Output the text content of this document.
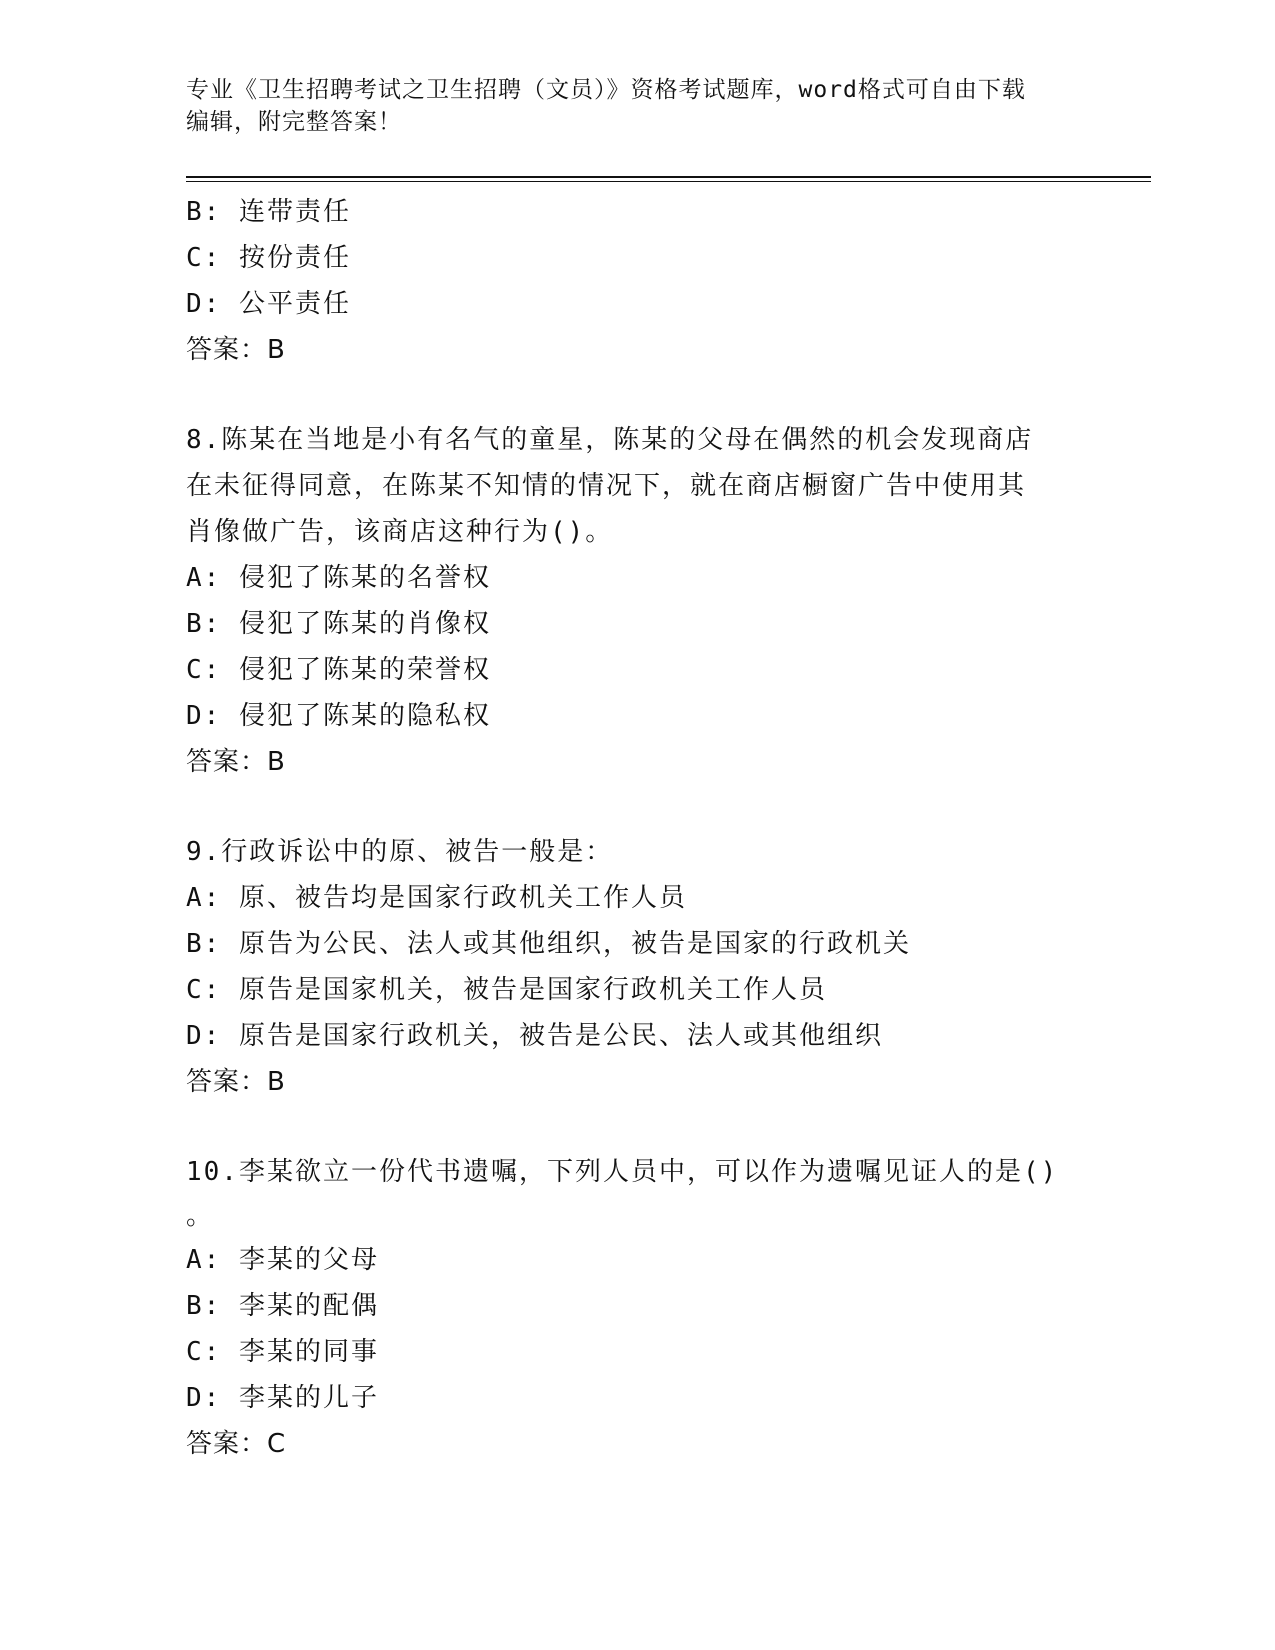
专业《卫生招聘考试之卫生招聘（文员）》资格考试题库，word格式可自由下载
编辑，附完整答案！
B: 连带责任
C: 按份责任
D: 公平责任
答案：B
8.陈某在当地是小有名气的童星，陈某的父母在偶然的机会发现商店
在未征得同意，在陈某不知情的情况下，就在商店橱窗广告中使用其
肖像做广告，该商店这种行为()。
A: 侵犯了陈某的名誉权
B: 侵犯了陈某的肖像权
C: 侵犯了陈某的荣誉权
D: 侵犯了陈某的隐私权
答案：B
9.行政诉讼中的原、被告一般是：
A: 原、被告均是国家行政机关工作人员
B: 原告为公民、法人或其他组织，被告是国家的行政机关
C: 原告是国家机关，被告是国家行政机关工作人员
D: 原告是国家行政机关，被告是公民、法人或其他组织
答案：B
10.李某欲立一份代书遗嘱，下列人员中，可以作为遗嘱见证人的是()
。
A: 李某的父母
B: 李某的配偶
C: 李某的同事
D: 李某的儿子
答案：C
